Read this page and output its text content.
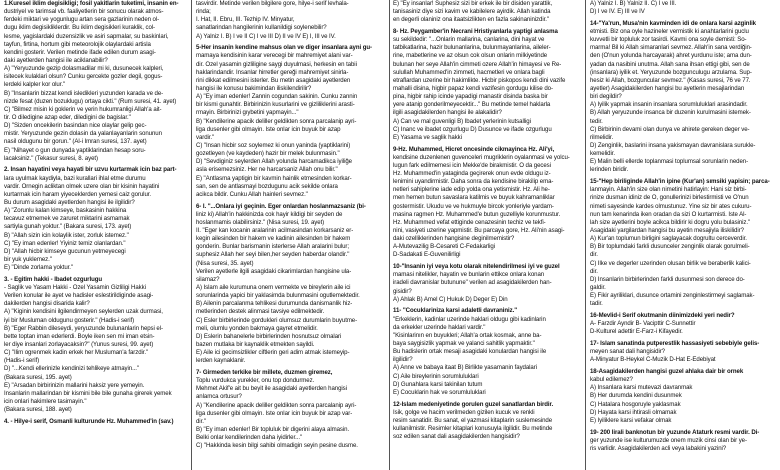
1.Kuresel iklim degisikligi; fosil yakitlarin tuketimi, insanin en-

dustriyel ve tarimsal vb. faaliyetlerin bir sonucu olarak atmos-

ferdeki miktari ve yogunlugu artan sera gazlarinin neden ol-

dugu iklim degisikliklerdir. Bu iklim degisikleri kuraklik, col-

lesme, yagislardaki duzensizlik ve asiri sapmalar, su baskinlari,

tayfun, firtina, hortum gibi meteorolojik olaylardaki artisla

kendini gosterir. Verilen metinde ifade edilen durum asagi-

daki ayetlerden hangisi ile aciklanabilir?

A) "Yeryuzunde gezip dolasmadilar mi ki, dusunecek kalpleri,

isitecek kulaklari olsun? Cunku gercekte gozler degil, gogus-

lerdeki kalpler kor olur."

B) "Insanlarin bizzat kendi isledikleri yuzunden karada ve de-

nizde fesat (duzen bozuklugu) ortaya cikti." (Rum suresi, 41. ayet)

C) "Bilmez misin ki goklerin ve yerin hukumranligi Allah'a ait-

tir. O diledigine azap eder, diledigini de bagislar."

D) "Sizden oncekilerin basindan nice olaylar gelip gec-

mistir. Yeryuzunde gezin dolasin da yalanlayanlarin sonunun

nasil oldugunu bir gorun." (Al-i Imran suresi, 137. ayet)

E) "Nihayet o gun dunyada yaptiklarindan hesap soru-

lacaksiniz." (Tekasur suresi, 8. ayet)

2. Insan hayatini veya hayati bir uzvu kurtarmak icin baz part-

lara uyulmak kaydiyla, bazi kurallari ihlal etme durumu

vardir. Ornegin acliktan olmek uzere olan bir kisinin hayatini

kurtarmak icin haram yiyeceklerden yemesi caiz gorulur.

Bu durum asagidaki ayetlerden hangisi ile ilgilidir?

A) "Zorunlu kalan kimseye, baskasinin hakkina

tecavuz etmemek ve zaruret miktarini asmamak

sartiyla gunah yoktur." (Bakara suresi, 173. ayet)

B) "Allah sizin icin kolaylik ister, zorluk istemez."

C) "Ey iman edenler! Yiyiniz temiz olanlardan."

D) "Allah hicbir kimseye gucunun yetmeyecegi

bir yuk yuklemez."

E) "Dinde zorlama yoktur."

3. - Egitim hakki - Ibadet ozgurlugu

- Saglik ve Yasam Hakki - Ozel Yasamin Gizliligi Hakki

Verilen konular ile ayet ve hadisler eslestirildiginde asagi-

dakilerden hangisi disarida kalir?

A) "Kiginin kendisini ilgilendirmeyen seylerden uzak durmasi,

iyi bir Musluman oldugunu gosterir." (Hadis-i serif)

B) "Eger Rabbin dileseydi, yeryuzunde bulunanlarin hepsi el-

bette toptan iman ederlerdi. Boyle iken sen mi iman etsin-

ler diye insanlari zorlayacaksin?" (Yunus suresi, 99. ayet)

C) "Ilim ogrenmek kadin erkek her Musluman'a farzdir."

(Hadis-i serif)

D) "...Kendi ellerinizle kendinizi tehlikeye atmayin..."

(Bakara suresi, 195. ayet)

E) "Arsadan birbirinizin mallarini haksiz yere yemeyin.

Insanlarin mallarindan bir kismini bile bile gunaha girerek yemek

icin onlari hakimlere tasimayin."

(Bakara suresi, 188. ayet)

4. - Hilye-i serif, Osmanli kulturunde Hz. Muhammed'in (sav.)

tasvirdir. Metinde verilen bilgilere gore, hilye-i serif levhala-

rinda;

I. Hat, II. Ebru, III. Tezhip IV. Minyatur,

sanatlarindan hangilerinin kullanildigi soylenebilir?

A) Yalniz I. B) I ve II C) I ve III D) II ve IV E) I, III ve IV.

5-Her insanin kendine mahsus olan ve diger insanlara ayni gu-

mamaya kendisinin karar verecegi bir mahremiyet alani var-

dir. Ozel yasamin gizliligine saygi duyulmasi, herkesin en tabii

haklarindandir. Insanlar hirretler gereği mahremiyet sinirla-

rini dikkat edilmesini isterler. Bu metin asagidaki ayetlerden

hangisi ile konusu bakimindan iliskilendirilir?

A) "Ey iman edenler! Zannin cogundan sakinin. Cunku zannin

bir kismi gunahtir. Birbirinizin kusurlarini ve gizliliklerini arasti-

rmayin. Birbirinizi gıybetini yapmayin..."

B) "Kendilerine apacik deliller geldikten sonra parcalanip ayri-

liga dusenler gibi olmayin. Iste onlar icin buyuk bir azap

vardir."

C) "Insan hicbir soz soylemez ki onun yaninda (yaptiklarini)

gozetleyen (ve kaydeden) hazir bir melek bulunmasin."

D) "Sevdiginiz seylerden Allah yolunda harcamadikca iyiliğe

asla erisemezsiniz. Her ne harcarsaniz Allah onu bilir."

E) "Antlasma yaptigin bir kavmin hainlik etmesinden korkar-

san, sen de antlasmayi bozdugunu acik sekilde onlara

acikca bildir. Cunku Allah hainleri sevmez."

6- I. "...Onlara iyi geçinin. Eger onlardan hoslanmazsaniz (bi-

liniz ki) Allah'in hakkinizda cok hayir kildigi bir seyden de

hoslanmamis olabilirsiniz." (Nisa suresi, 19. ayet)

II. "Eger kan kocanin aralarinin acilmasindan korkarsaniz er-

kegin ailesinden bir hakem ve kadinin ailesinden bir hakem

gonderin. Bunlar barismanin isterlerse Allah aralarini bulur;

suphesiz Allah her seyi bilen,her seyden haberdar olandir."

(Nisa suresi, 35. ayet)

Verilen ayetlerle ilgili asagidaki cikarimlardan hangisine ula-

silamaz?

A) Islam aile kurumuna onem vermekte ve bireylerin aile ici

sorunlarinda yapici bir yaklasimda bulunmasini ogutlemektedir.

B) Ailenin parcalanma tehlikesi durumunda danismanlik hiz-

metlerinden destek alinmasi tavsiye edilmektedir.

C) Esler birbirlerinde gordukleri olumsuz durumlarin buyutme-

meli, olumlu yonden bakmaya gayret etmelidir.

D) Eslerin bahanelerle birbirlerinden hosnutsuz olmalari

bazen mutlaka bir kaynaklik etmekten sayildi.

E) Aile ici gecimsizlikler ciftlerin geri adim atmak istemeyip-

lerden kaynaklanir.

7- Girmeden terkike bir millete, duzmen giremez,

Toplu vurdukca yurekler, onu top dondurmez.

Mehmet Akif'e ait bu beyit ile asagidaki ayetlerden hangisi

anlamca ortusur?

A) "Kendilerine apacik deliller geldikten sonra parcalanip ayri-

liga dusenler gibi olmayin. Iste onlar icin buyuk bir azap var-

dir."

B) "Ey iman edenler! Bir topluluk bir digerini alaya almasin.

Belki onlar kendilerinden daha iyidirler..."

C) "Hakkinda kesin bilgi sahibi olmadigin seyin pesine dusme.

E) "Ey insanlar! Suphesiz sizi bir erkek ile bir disiden yarattik,

tanisasiniz diye sizi kavim ve kabilelere ayirdik. Allah katinda

en degerli olaniniz ona itaatsizlikten en fazla sakinaninizdir."

8- Hz. Peygamber'in Necrani Hristiyanlarla yaptigi anlasma

su sekildedir: "...Onlarin mallarina, canlarina, dini hayat ve

tatbikatlarina, hazir bulunanlarina, bulunmayanlarina, aileler-

rine, mabetlerine ve az olsun cok olsun onlarin milkiyetinde

bulunan her seye Allah'in cimmeti ozere Allah'in himayesi ve Re-

sulullah Muhammed'in zimmeti, hacmetleri ve onlara bagli

etraflardan uzerine bir hakimlikte. Hicbir piskopos kendi dini vazife

mahalli disina, higbir papaz kendi vazifesin gordugu kilise do-

pina, higbir rahip icinde yapadigi manastir disinda baska bir

yere atanip gonderilmeyecektir..." Bu metinde temel haklarla

ilgili asagidakilerden hangisi ile alakalidir?

A) Can ve mal guvenligi B) Ibadet yerlerinin kutsalligi

C) Inanc ve ibadet ozgurlugu D) Dusunce ve ifade ozgurlugu

E) Yasama ve saglik hakki

9-Hz. Muhammed, Hicret oncesinde cikmayinca Hz. Ali'yi,

kendisine duzenlenen guvenceleri mugriklerin oyalanmasi ve yolcu-

lugun fark edilmemesi icin Mekke'de birakmistir. O da gecesi

Hz. Muhammed'in yataginda geçirerek onun evde oldugu iz-

lenimini uyandirmistir. Daha sonra da kendisine birakilip ema-

netleri sahiplerine iade edip yolda ona yetismistir. Hz. Ali he-

men hemen butun savaslara katilmis ve buyuk kahramanliklar

gostermistir. Ukudu ve ve hukmuyle bircok yonleriyle yardam-

masina ragmen Hz. Muhammed'e butun guzelliyle korunmustur.

Hz. Muhammed vefat ettiginde cenazesinin techiz ve tekfi-

nini, vasiyeti uzerine yapmistir. Bu parcaya gore, Hz. Ali'nin asagi-

daki ozelliklerinden hangisine deginilmemistir?

A-Mutevazilig B-Cesareti C-Fedakarligi

D-Sadakati E-Guvenilirligi

10-"Insanin iyi veya kotu olarak nitelendirilmesi iyi ve guzel

mamasi nitelikler, hayatin ve bunlarin ettikce onlara konan

iradeli davranislar butunune" verilen ad asagidakilerden han-

gisidir?

A) Ahlak B) Amel C) Hukuk D) Deger E) Din

11- "Cocuklariniza karsi adaletli davraniniz."

"Erkeklerin, kadinlar uzerinde haklari oldugu gibi kadinlarin

da erkekler uzerinde haklari vardir."

"Kisinlarinın en buyukleri; Allah'a ortak kosmak, anne ba-

baya saygisizlik yapmak ve yalanci sahitlik yapmaktir."

Bu hadislerin ortak mesaji asagidaki konulardan hangisi ile

ilgilidir?

A) Anne ve babaya itaat B) Birlikte yasamanin faydalari

C) Aile bireylerinin sorumluluklari

D) Gunahlara karsi takinilan tutum

E) Cocuklarin hak ve sorumluluklari

12-Islam medeniyetinde gorulen guzel sanatlardan birdir.

Isik, golge ve hacim verilmeden gizilen kucuk ve renkli

resim sanatidir. Bu sanat, el yazmasi kitaplarin suslemesinde

kullanilmistir. Resimler kitaplari konusuyla ilgilidir. Bu metinde

soz edilen sanat dali asagidakilerden hangisidir?

A) Yalniz I. B) Yalniz II. C) I ve III.

D) I ve IV. E) III ve IV

14-"Ya'run, Musa'nin kavminden idi de onlara karsi azginlik

etmisti. Biz ona oyle hazineler vermistik ki anahtarlarini guclu

kuvvetli bir topluluk zor tasirdi. Kavmi ona soyle demisti: So-

marma! Bil ki Allah simaranlari sevmez. Allah'in sana verdiğin-

den (O'nun yolunda harcayarak) ahret yurdunu iste; ama dun-

yadan da nasibini unutma. Allah sana ihsan ettigi gibi, sen de

(insanlara) iyilik et. Yeryuzunde bozgunculugu arzulama. Sup-

hesiz ki Allah, bozguncular sevmez." (Kasas suresi, 76 ve 77.

ayetler) Asagidakilerden hangisi bu ayetlerin mesajlarindan

biri degildir?

A) Iyilik yapmak insanin insanlara sorumluluklari arasindadir.

B) Allah yeryuzunde insanca bir duzenin kurulmasini istemek-

tedir.

C) Birbirinin devami olan dunya ve ahirete gereken deger ve-

rilmelidir.

D) Zenginlik, baslarini insana yakismayan davranislara surukle-

kemelidir.

E) Malin belli ellerde toplanmasi toplumsal sorunlarin neden-

lerinden biridir.

15-"Hep biriliginde Allah'in ipine (Kur'an) sımsiki yapisin; parca-

lanmayin. Allah'in size olan nimetini hatirlayin: Hani siz birbi-

rinize dusman idiniz de O, gonullerinizi birlestirmisti ve O'nun

nimeti sayesinde kardes olmustunuz. Yine siz bir ates cukuru-

nun tam kenarinda iken oradan da sizi O kurtarmisti. Iste Al-

lah size ayetlerini boyle acikca bildirir ki dogru yolu bulasiniz."

Asagidaki yargilardan hangisi bu ayetin mesajiyla iliskilidir?

A) Kur'an toplumun birligini saglayacak dogrultu cerceverdir.

B) Bir toplumdaki farkli dusunceler zenginlik olarak gorulmeli-

dir.

C) Ilke ve degerler uzerinden olusan birlik ve beraberlik kalici-

dir.

D) Insanlarin birbirlerinden farkli dusunmesi son derece do-

galdir.

E) Fikir ayriliklari, dusunce ortamini zenginlestirmeyi saglamak-

tadir.

16-Mevlid-i Serif okutmanin diinimizdeki yeri nedir?

A- Farzdir Ayndir B- Vacipttir C-Sunnettir

D-Kulturel adettir E-Farz-i Kifayedir.

17- Islam sanatinda putperestlik hassasiyeti sebebiyle gelis-

meyen sanat dali hangisidir?

A-Minyatur B-Heykel C-Muzik D-Hat E-Edebiyat

18-Asagidakilerden hangisi guzel ahlaka dair bir ornek

kabul edilemez?

A) Insanlara karsi mutevazi davranmak

B) Her durumda kendini dusunmek

C) Hatalara hosgoruyle yaklasmak

D) Hayata karsi ihtirasli olmamak

E) Iyiliklere karsi vefakar olmak

19- 200 lirali banknotun bir yuzunde Ataturk resmi vardir. Di-

ger yuzunde ise kulturumuzde onem muzik cinsi olan bir ye-

ris varlidir. Asagidakilerden acli veya labakini yazini?
